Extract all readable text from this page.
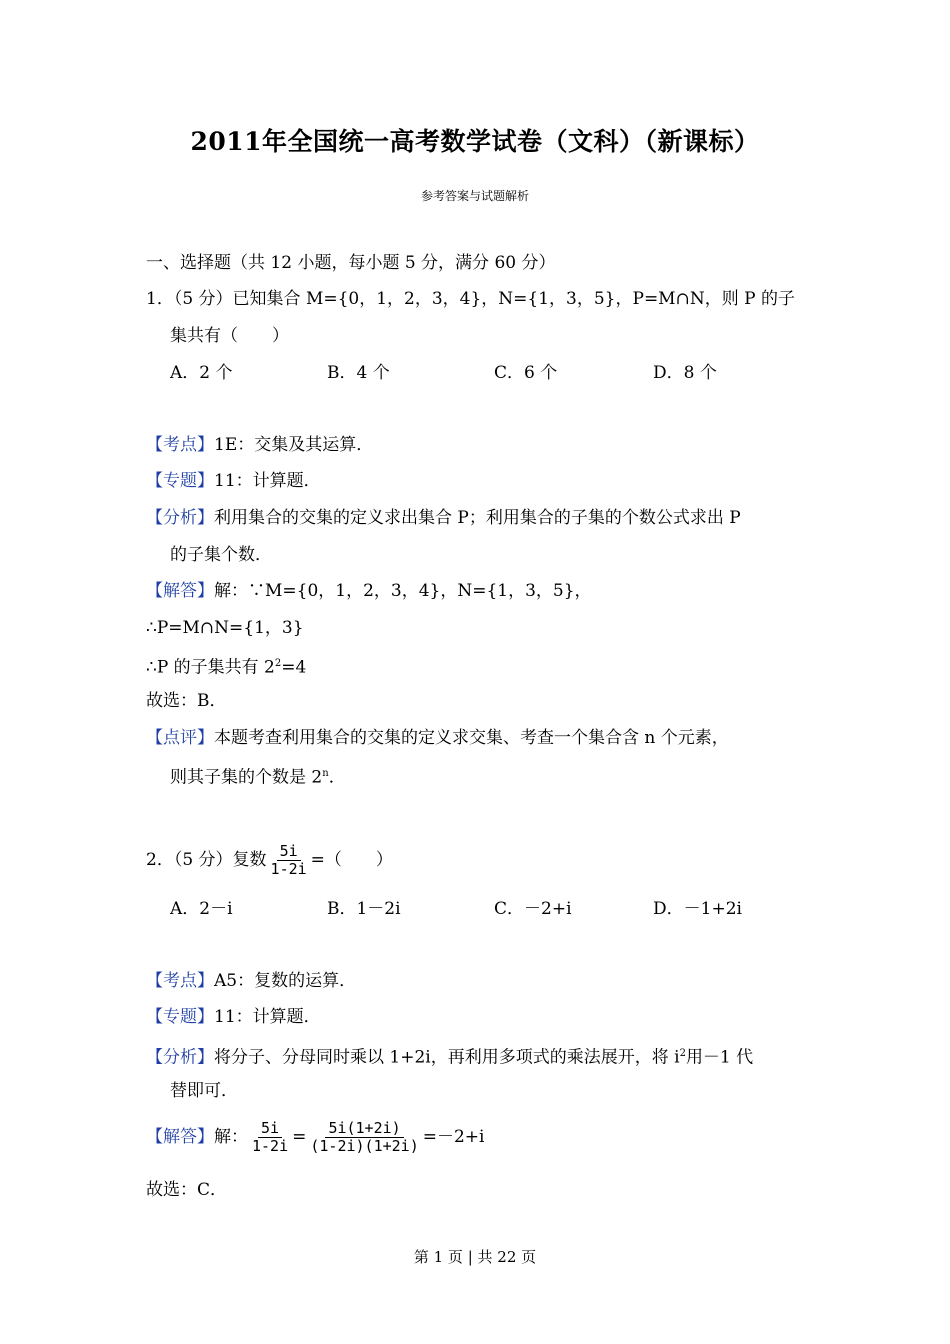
2011年全国统一高考数学试卷（文科）（新课标）
参考答案与试题解析
一、选择题（共 12 小题，每小题 5 分，满分 60 分）
1．（5 分）已知集合 M={0，1，2，3，4}，N={1，3，5}，P=M∩N，则 P 的子
集共有（　　）
A．2 个	B．4 个	C．6 个	D．8 个
【考点】1E：交集及其运算．
【专题】11：计算题．
【分析】利用集合的交集的定义求出集合 P；利用集合的子集的个数公式求出 P
的子集个数．
【解答】解：∵M={0，1，2，3，4}，N={1，3，5}，
∴P=M∩N={1，3}
∴P 的子集共有 $2^2=4$
故选：B．
【点评】本题考查利用集合的交集的定义求交集、考查一个集合含 n 个元素，
则其子集的个数是 2$^n$．
2．（5 分）复数 $\frac{5i}{1-2i}$ =（　　）
A．2－i	B．1－2i	C．－2+i	D．－1+2i
【考点】A5：复数的运算．
【专题】11：计算题．
【分析】将分子、分母同时乘以 1+2i，再利用多项式的乘法展开，将 $i^2$用－1 代
替即可．
【解答】解： $\frac{5i}{1-2i} = \frac{5i(1+2i)}{(1-2i)(1+2i)} =-2+i$
故选：C．
第 1 页 | 共 22 页
